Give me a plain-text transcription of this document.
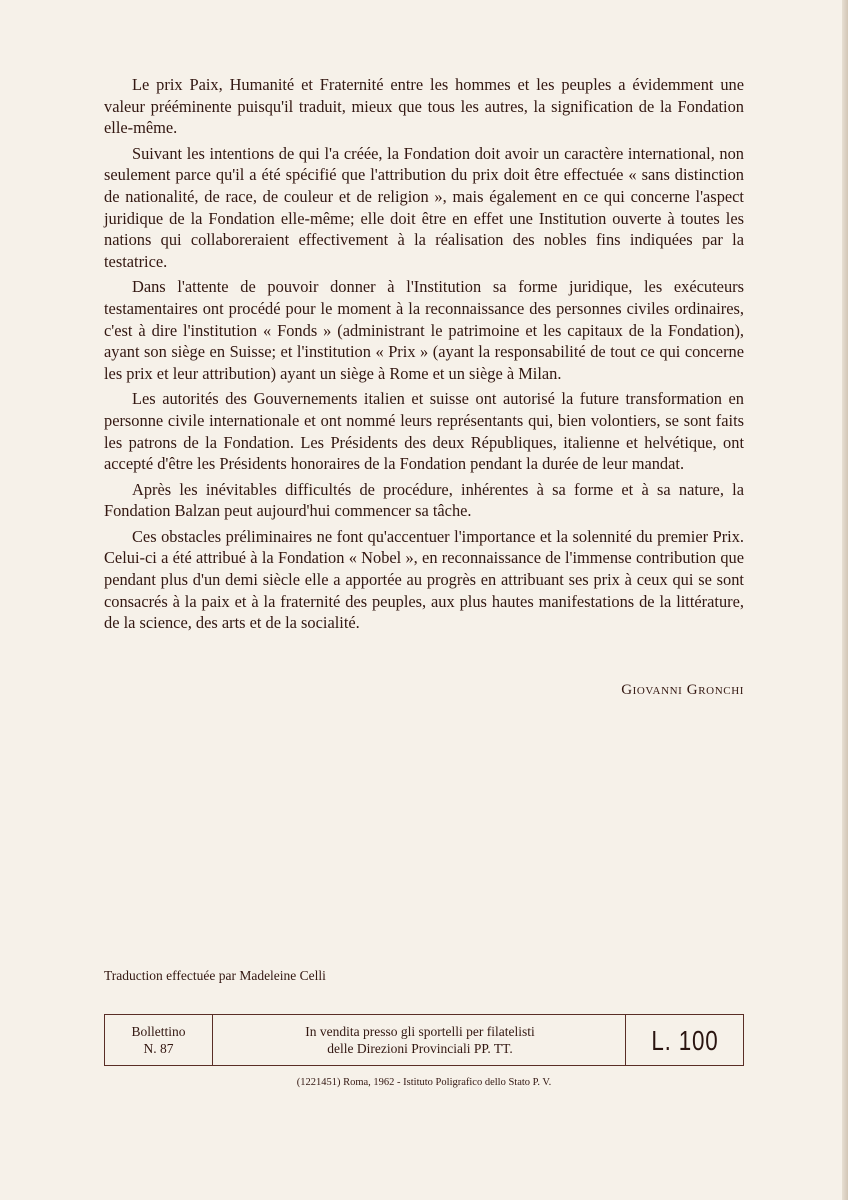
Le prix Paix, Humanité et Fraternité entre les hommes et les peuples a évidemment une valeur prééminente puisqu'il traduit, mieux que tous les autres, la signification de la Fondation elle-même.

Suivant les intentions de qui l'a créée, la Fondation doit avoir un caractère international, non seulement parce qu'il a été spécifié que l'attribution du prix doit être effectuée « sans distinction de nationalité, de race, de couleur et de religion », mais également en ce qui concerne l'aspect juridique de la Fondation elle-même; elle doit être en effet une Institution ouverte à toutes les nations qui collaboreraient effectivement à la réalisation des nobles fins indiquées par la testatrice.

Dans l'attente de pouvoir donner à l'Institution sa forme juridique, les exécuteurs testamentaires ont procédé pour le moment à la reconnaissance des personnes civiles ordinaires, c'est à dire l'institution « Fonds » (administrant le patrimoine et les capitaux de la Fondation), ayant son siège en Suisse; et l'institution « Prix » (ayant la responsabilité de tout ce qui concerne les prix et leur attribution) ayant un siège à Rome et un siège à Milan.

Les autorités des Gouvernements italien et suisse ont autorisé la future transformation en personne civile internationale et ont nommé leurs représentants qui, bien volontiers, se sont faits les patrons de la Fondation. Les Présidents des deux Républiques, italienne et helvétique, ont accepté d'être les Présidents honoraires de la Fondation pendant la durée de leur mandat.

Après les inévitables difficultés de procédure, inhérentes à sa forme et à sa nature, la Fondation Balzan peut aujourd'hui commencer sa tâche.

Ces obstacles préliminaires ne font qu'accentuer l'importance et la solennité du premier Prix. Celui-ci a été attribué à la Fondation « Nobel », en reconnaissance de l'immense contribution que pendant plus d'un demi siècle elle a apportée au progrès en attribuant ses prix à ceux qui se sont consacrés à la paix et à la fraternité des peuples, aux plus hautes manifestations de la littérature, de la science, des arts et de la socialité.

Giovanni Gronchi
Traduction effectuée par Madeleine Celli
Bollettino
N. 87
In vendita presso gli sportelli per filatelisti
delle Direzioni Provinciali PP. TT.	L. 100
(1221451) Roma, 1962 - Istituto Poligrafico dello Stato P. V.
